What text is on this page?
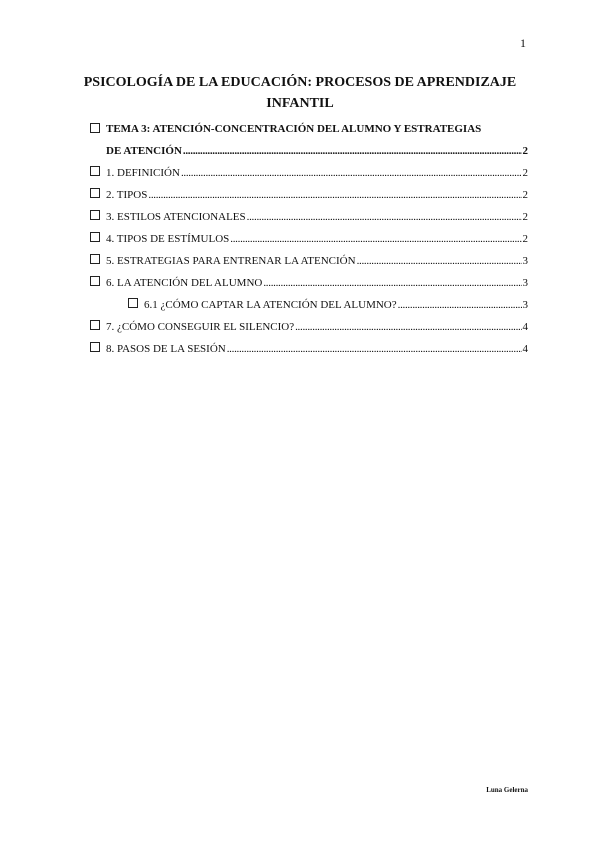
1
PSICOLOGÍA DE LA EDUCACIÓN: PROCESOS DE APRENDIZAJE INFANTIL
TEMA 3: ATENCIÓN-CONCENTRACIÓN DEL ALUMNO Y ESTRATEGIAS
DE ATENCIÓN .....	2
1. DEFINICIÓN .....	2
2. TIPOS .....	2
3. ESTILOS ATENCIONALES .....	2
4. TIPOS DE ESTÍMULOS .....	2
5. ESTRATEGIAS PARA ENTRENAR LA ATENCIÓN .....	3
6. LA ATENCIÓN DEL ALUMNO .....	3
6.1 ¿CÓMO CAPTAR LA ATENCIÓN DEL ALUMNO? .....	3
7. ¿CÓMO CONSEGUIR EL SILENCIO? .....	4
8. PASOS DE LA SESIÓN .....	4
Luna Gelerna
